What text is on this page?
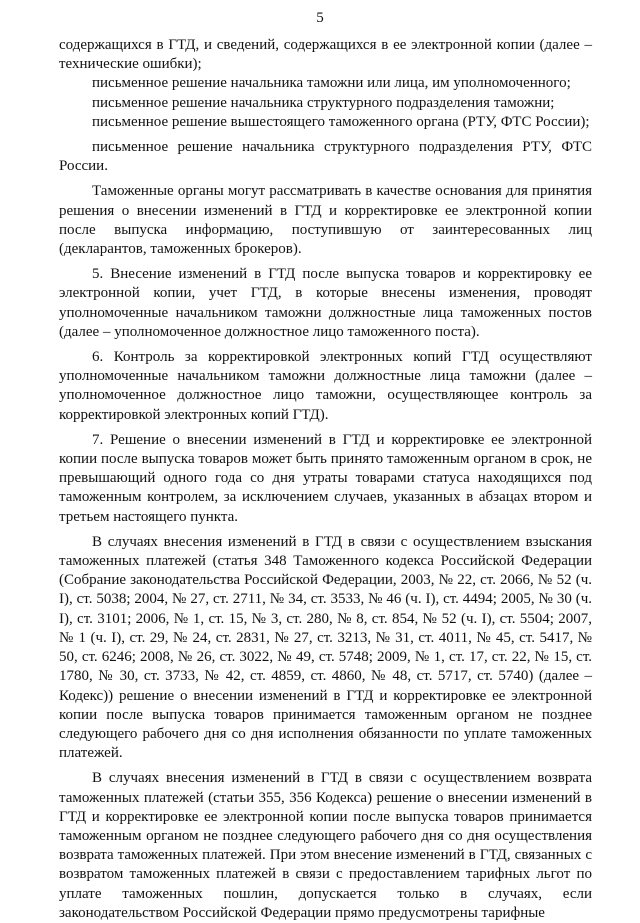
5

содержащихся в ГТД, и сведений, содержащихся в ее электронной копии (далее – технические ошибки);

письменное решение начальника таможни или лица, им уполномоченного;

письменное решение начальника структурного подразделения таможни;

письменное решение вышестоящего таможенного органа (РТУ, ФТС России);

письменное решение начальника структурного подразделения РТУ, ФТС России.

Таможенные органы могут рассматривать в качестве основания для принятия решения о внесении изменений в ГТД и корректировке ее электронной копии после выпуска информацию, поступившую от заинтересованных лиц (декларантов, таможенных брокеров).

5. Внесение изменений в ГТД после выпуска товаров и корректировку ее электронной копии, учет ГТД, в которые внесены изменения, проводят уполномоченные начальником таможни должностные лица таможенных постов (далее – уполномоченное должностное лицо таможенного поста).

6. Контроль за корректировкой электронных копий ГТД осуществляют уполномоченные начальником таможни должностные лица таможни (далее – уполномоченное должностное лицо таможни, осуществляющее контроль за корректировкой электронных копий ГТД).

7. Решение о внесении изменений в ГТД и корректировке ее электронной копии после выпуска товаров может быть принято таможенным органом в срок, не превышающий одного года со дня утраты товарами статуса находящихся под таможенным контролем, за исключением случаев, указанных в абзацах втором и третьем настоящего пункта.

В случаях внесения изменений в ГТД в связи с осуществлением взыскания таможенных платежей (статья 348 Таможенного кодекса Российской Федерации (Собрание законодательства Российской Федерации, 2003, № 22, ст. 2066, № 52 (ч. I), ст. 5038; 2004, № 27, ст. 2711, № 34, ст. 3533, № 46 (ч. I), ст. 4494; 2005, № 30 (ч. I), ст. 3101; 2006, № 1, ст. 15, № 3, ст. 280, № 8, ст. 854, № 52 (ч. I), ст. 5504; 2007, № 1 (ч. I), ст. 29, № 24, ст. 2831, № 27, ст. 3213, № 31, ст. 4011, № 45, ст. 5417, № 50, ст. 6246; 2008, № 26, ст. 3022, № 49, ст. 5748; 2009, № 1, ст. 17, ст. 22, № 15, ст. 1780, № 30, ст. 3733, № 42, ст. 4859, ст. 4860, № 48, ст. 5717, ст. 5740) (далее – Кодекс)) решение о внесении изменений в ГТД и корректировке ее электронной копии после выпуска товаров принимается таможенным органом не позднее следующего рабочего дня со дня исполнения обязанности по уплате таможенных платежей.

В случаях внесения изменений в ГТД в связи с осуществлением возврата таможенных платежей (статьи 355, 356 Кодекса) решение о внесении изменений в ГТД и корректировке ее электронной копии после выпуска товаров принимается таможенным органом не позднее следующего рабочего дня со дня осуществления возврата таможенных платежей. При этом внесение изменений в ГТД, связанных с возвратом таможенных платежей в связи с предоставлением тарифных льгот по уплате таможенных пошлин, допускается только в случаях, если законодательством Российской Федерации прямо предусмотрены тарифные
